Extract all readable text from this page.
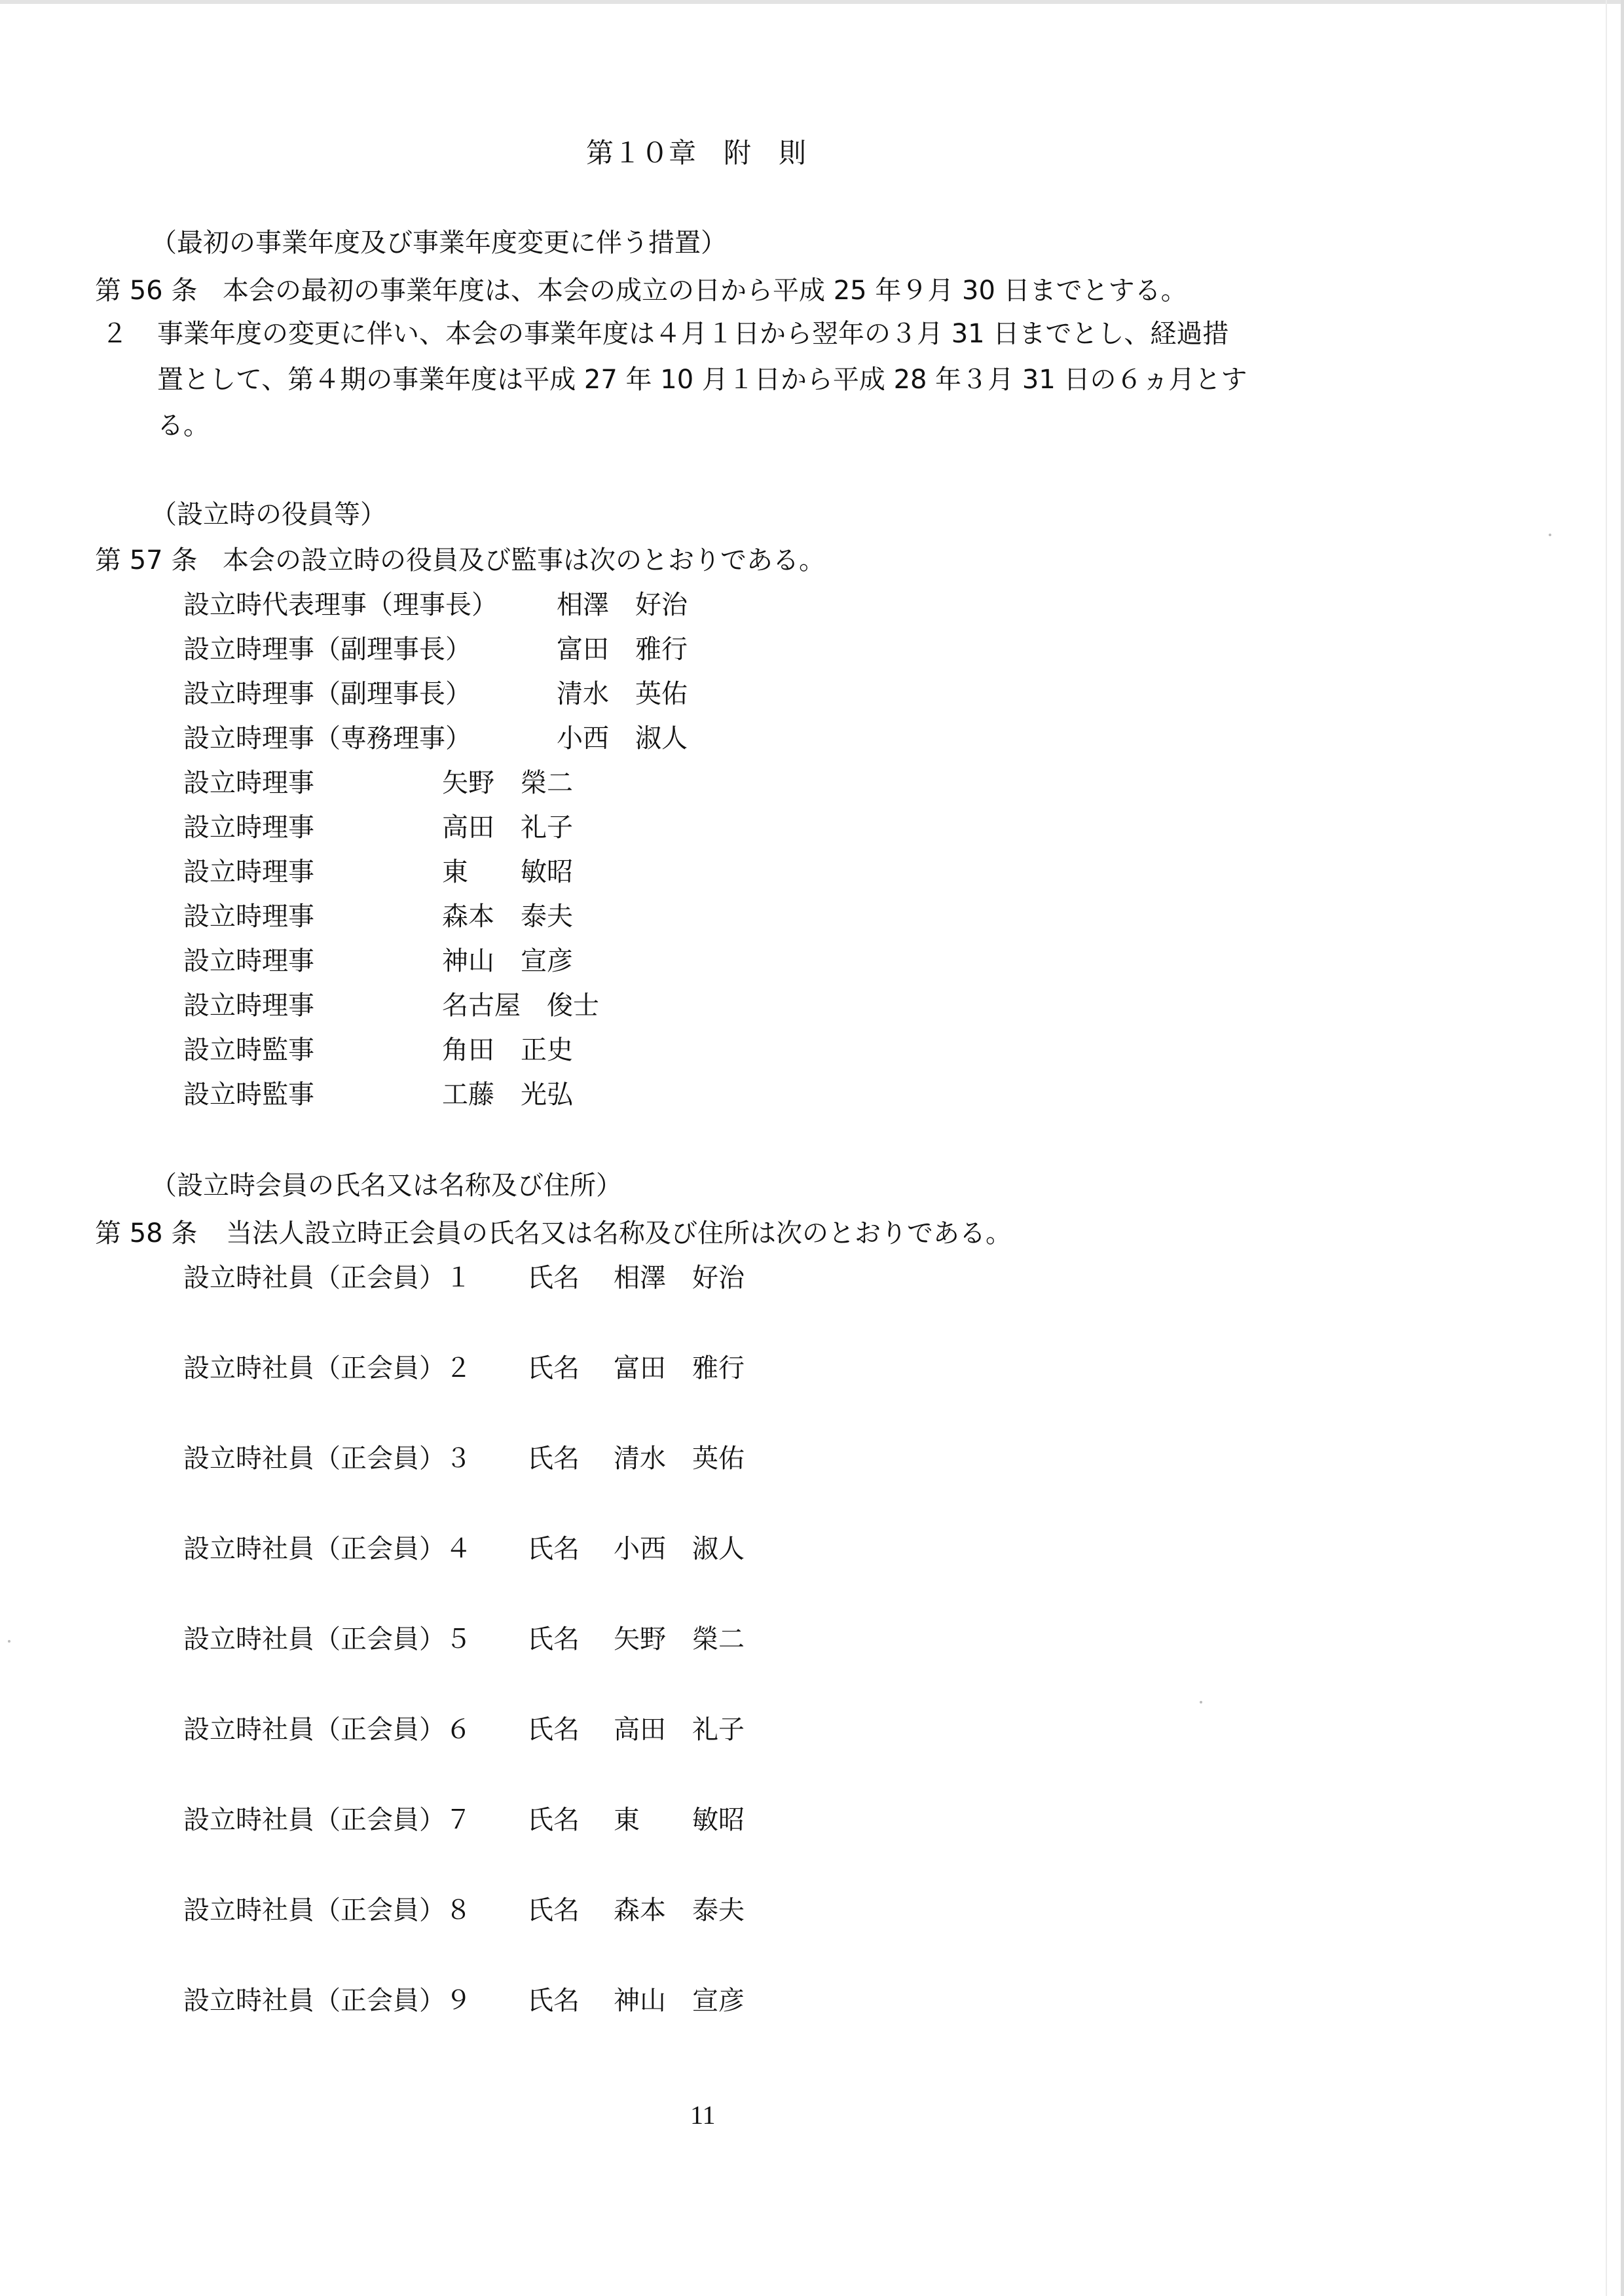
第１０章　附　則
（最初の事業年度及び事業年度変更に伴う措置）
第 56 条 本会の最初の事業年度は、本会の成立の日から平成 25 年９月 30 日までとする。
２ 事業年度の変更に伴い、本会の事業年度は４月１日から翌年の３月 31 日までとし、経過措
置として、第４期の事業年度は平成 27 年 10 月１日から平成 28 年３月 31 日の６ヵ月とす
る。
（設立時の役員等）
第 57 条 本会の設立時の役員及び監事は次のとおりである。
設立時代表理事（理事長） 相澤　好治
設立時理事（副理事長）	富田　雅行
設立時理事（副理事長）	清水　英佑
設立時理事（専務理事）	小西　淑人
設立時理事	矢野　榮二
設立時理事	高田　礼子
設立時理事	東　　敏昭
設立時理事	森本　泰夫
設立時理事	神山　宣彦
設立時理事	名古屋　俊士
設立時監事	角田　正史
設立時監事	工藤　光弘
（設立時会員の氏名又は名称及び住所）
第 58 条 当法人設立時正会員の氏名又は名称及び住所は次のとおりである。
設立時社員（正会員）１ 氏名 相澤　好治
設立時社員（正会員）２ 氏名 富田　雅行
設立時社員（正会員）３ 氏名 清水　英佑
設立時社員（正会員）４ 氏名 小西　淑人
設立時社員（正会員）５ 氏名 矢野　榮二
設立時社員（正会員）６ 氏名 高田　礼子
設立時社員（正会員）７ 氏名 東　　敏昭
設立時社員（正会員）８ 氏名 森本　泰夫
設立時社員（正会員）９ 氏名 神山　宣彦
11
